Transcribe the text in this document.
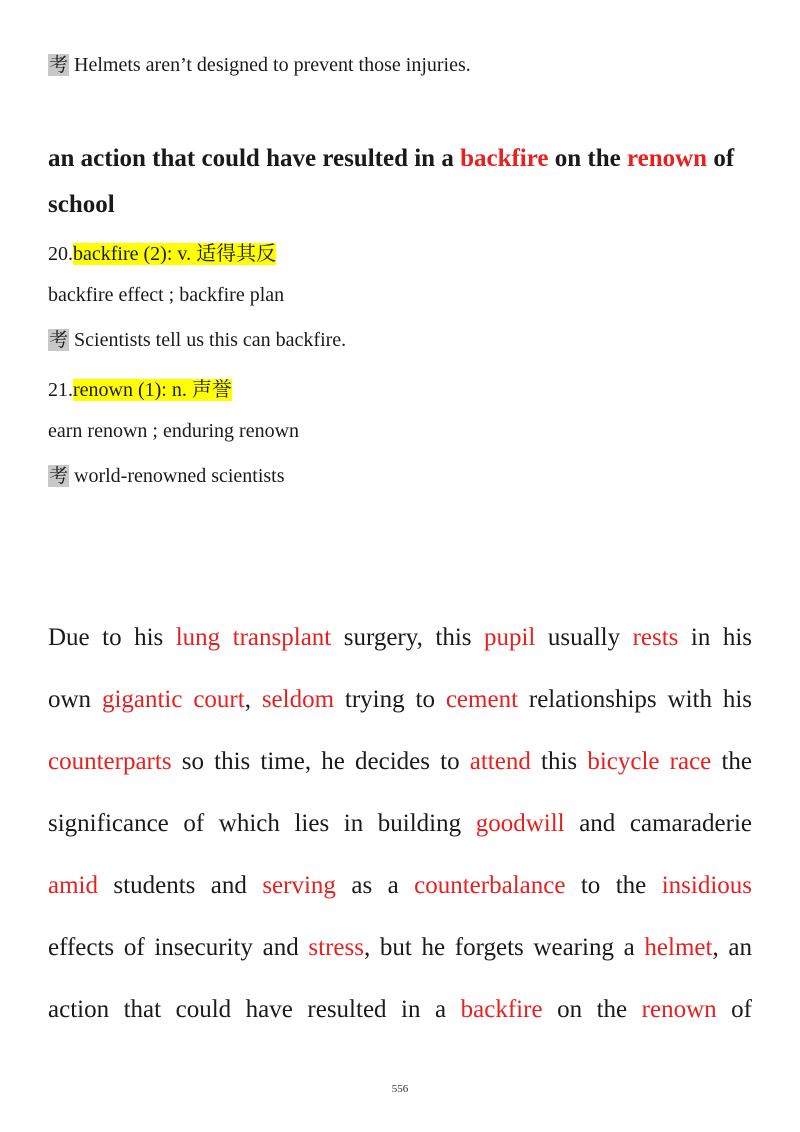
考 Helmets aren’t designed to prevent those injuries.
an action that could have resulted in a backfire on the renown of school
20.backfire (2): v. 适得其反
backfire effect ; backfire plan
考 Scientists tell us this can backfire.
21.renown (1): n. 声誉
earn renown ; enduring renown
考 world-renowned scientists
Due to his lung transplant surgery, this pupil usually rests in his
own gigantic court, seldom trying to cement relationships with his
counterparts so this time, he decides to attend this bicycle race the
significance of which lies in building goodwill and camaraderie
amid students and serving as a counterbalance to the insidious
effects of insecurity and stress, but he forgets wearing a helmet, an
action that could have resulted in a backfire on the renown of
556
